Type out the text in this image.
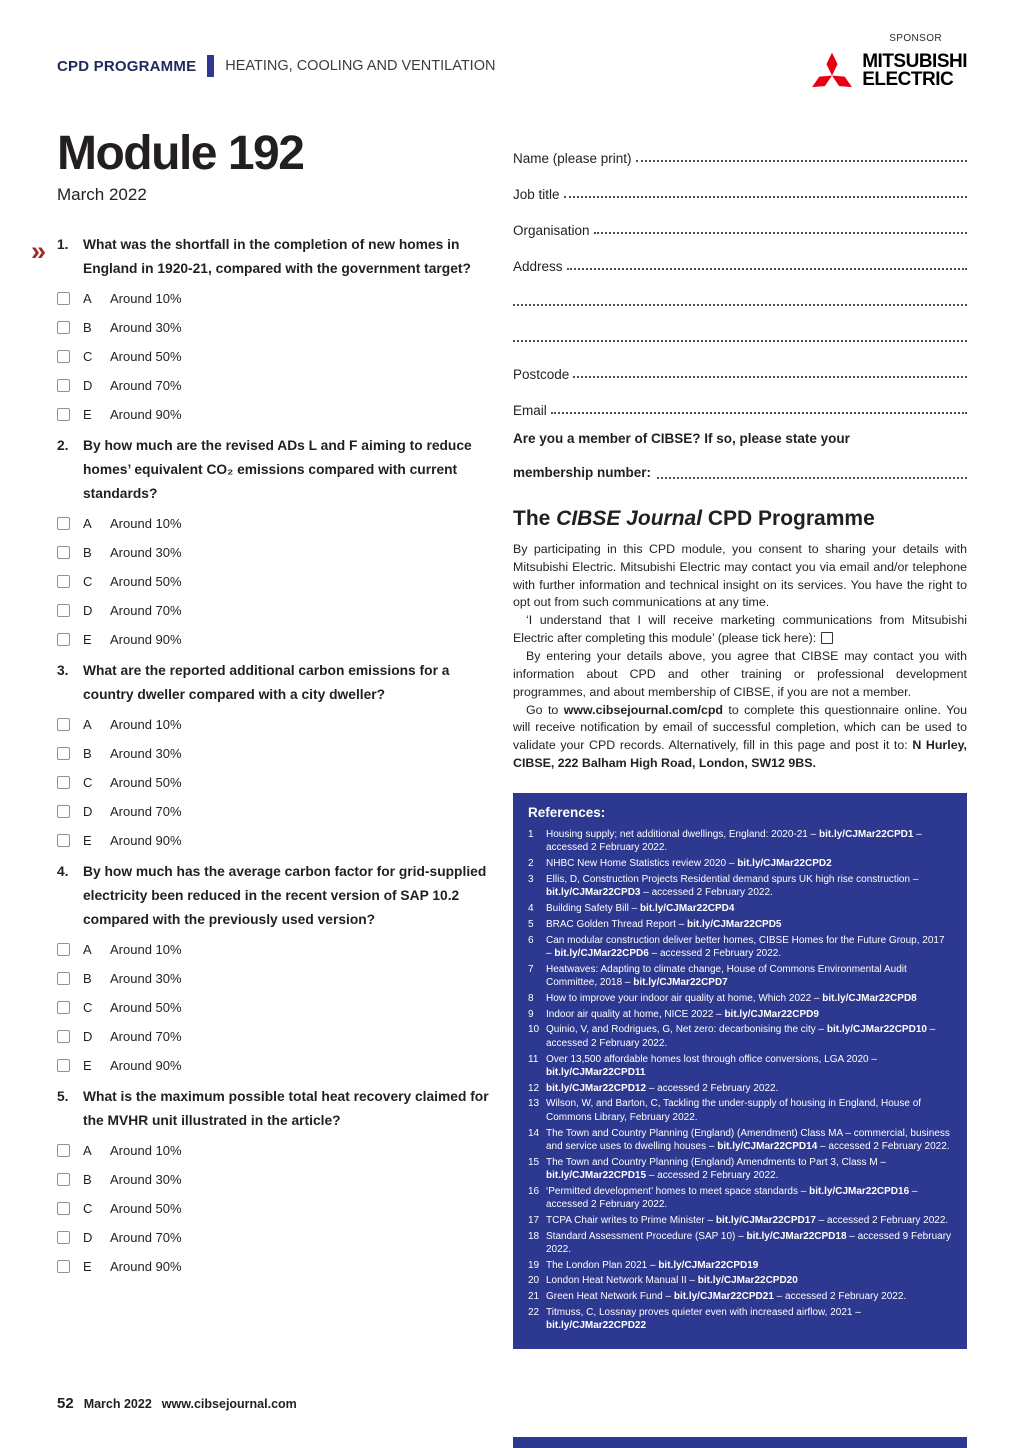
CPD PROGRAMME HEATING, COOLING AND VENTILATION
SPONSOR
MITSUBISHI
ELECTRIC
»
Module 192
March 2022
1.	What was the shortfall in the completion of new homes in England in 1920-21, compared with the government target?
A	Around 10%
B	Around 30%
C	Around 50%
D	Around 70%
E	Around 90%
2.	By how much are the revised ADs L and F aiming to reduce homes’ equivalent CO₂ emissions compared with current standards?
A	Around 10%
B	Around 30%
C	Around 50%
D	Around 70%
E	Around 90%
3.	What are the reported additional carbon emissions for a country dweller compared with a city dweller?
A	Around 10%
B	Around 30%
C	Around 50%
D	Around 70%
E	Around 90%
4.	By how much has the average carbon factor for grid-supplied electricity been reduced in the recent version of SAP 10.2 compared with the previously used version?
A	Around 10%
B	Around 30%
C	Around 50%
D	Around 70%
E	Around 90%
5.	What is the maximum possible total heat recovery claimed for the MVHR unit illustrated in the article?
A	Around 10%
B	Around 30%
C	Around 50%
D	Around 70%
E	Around 90%
Name (please print)
Job title
Organisation
Address
Postcode
Email
Are you a member of CIBSE? If so, please state your
membership number:
The CIBSE Journal CPD Programme

By participating in this CPD module, you consent to sharing your details with Mitsubishi Electric. Mitsubishi Electric may contact you via email and/or telephone with further information and technical insight on its services. You have the right to opt out from such communications at any time.

‘I understand that I will receive marketing communications from Mitsubishi Electric after completing this module’ (please tick here):

By entering your details above, you agree that CIBSE may contact you with information about CPD and other training or professional development programmes, and about membership of CIBSE, if you are not a member.

Go to www.cibsejournal.com/cpd to complete this questionnaire online. You will receive notification by email of successful completion, which can be used to validate your CPD records. Alternatively, fill in this page and post it to: N Hurley, CIBSE, 222 Balham High Road, London, SW12 9BS.

References:
1	Housing supply; net additional dwellings, England: 2020-21 – bit.ly/CJMar22CPD1 – accessed 2 February 2022.
2	NHBC New Home Statistics review 2020 – bit.ly/CJMar22CPD2
3	Ellis, D, Construction Projects Residential demand spurs UK high rise construction – bit.ly/CJMar22CPD3 – accessed 2 February 2022.
4	Building Safety Bill – bit.ly/CJMar22CPD4
5	BRAC Golden Thread Report – bit.ly/CJMar22CPD5
6	Can modular construction deliver better homes, CIBSE Homes for the Future Group, 2017 – bit.ly/CJMar22CPD6 – accessed 2 February 2022.
7	Heatwaves: Adapting to climate change, House of Commons Environmental Audit Committee, 2018 – bit.ly/CJMar22CPD7
8	How to improve your indoor air quality at home, Which 2022 – bit.ly/CJMar22CPD8
9	Indoor air quality at home, NICE 2022 – bit.ly/CJMar22CPD9
10 Quinio, V, and Rodrigues, G, Net zero: decarbonising the city – bit.ly/CJMar22CPD10 – accessed 2 February 2022.
11 Over 13,500 affordable homes lost through office conversions, LGA 2020 – bit.ly/CJMar22CPD11
12 bit.ly/CJMar22CPD12 – accessed 2 February 2022.
13 Wilson, W, and Barton, C, Tackling the under-supply of housing in England, House of Commons Library, February 2022.
14 The Town and Country Planning (England) (Amendment) Class MA – commercial, business and service uses to dwelling houses – bit.ly/CJMar22CPD14 – accessed 2 February 2022.
15 The Town and Country Planning (England) Amendments to Part 3, Class M – bit.ly/CJMar22CPD15 – accessed 2 February 2022.
16 ‘Permitted development’ homes to meet space standards – bit.ly/CJMar22CPD16 – accessed 2 February 2022.
17 TCPA Chair writes to Prime Minister – bit.ly/CJMar22CPD17 – accessed 2 February 2022.
18 Standard Assessment Procedure (SAP 10) – bit.ly/CJMar22CPD18 – accessed 9 February 2022.
19 The London Plan 2021 – bit.ly/CJMar22CPD19
20 London Heat Network Manual II – bit.ly/CJMar22CPD20
21 Green Heat Network Fund – bit.ly/CJMar22CPD21 – accessed 2 February 2022.
22 Titmuss, C, Lossnay proves quieter even with increased airflow, 2021 – bit.ly/CJMar22CPD22
52 March 2022 www.cibsejournal.com
